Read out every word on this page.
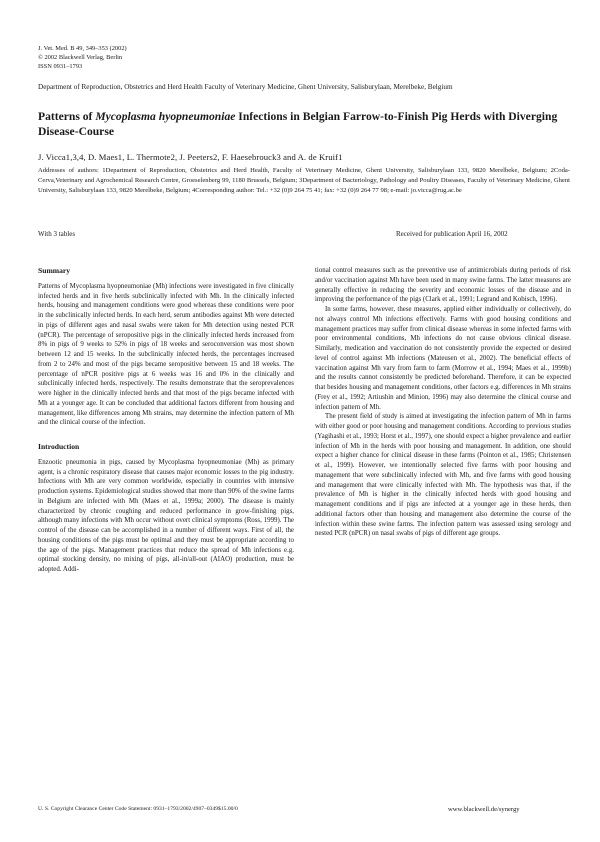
J. Vet. Med. B 49, 349–353 (2002)
© 2002 Blackwell Verlag, Berlin
ISSN 0931–1793
Department of Reproduction, Obstetrics and Herd Health Faculty of Veterinary Medicine, Ghent University, Salisburylaan, Merelbeke, Belgium
Patterns of Mycoplasma hyopneumoniae Infections in Belgian Farrow-to-Finish Pig Herds with Diverging Disease-Course
J. Vicca1,3,4, D. Maes1, L. Thermote2, J. Peeters2, F. Haesebrouck3 and A. de Kruif1
Addresses of authors: 1Department of Reproduction, Obstetrics and Herd Health, Faculty of Veterinary Medicine, Ghent University, Salisburylaan 133, 9820 Merelbeke, Belgium; 2Coda-Cerva,Veterinary and Agrochemical Research Centre, Groeselenberg 99, 1180 Brussels, Belgium; 3Department of Bacteriology, Pathology and Poultry Diseases, Faculty of Veterinary Medicine, Ghent University, Salisburylaan 133, 9820 Merelbeke, Belgium; 4Corresponding author: Tel.: +32 (0)9 264 75 41; fax: +32 (0)9 264 77 98; e-mail: jo.vicca@rug.ac.be
With 3 tables	Received for publication April 16, 2002
Summary

Patterns of Mycoplasma hyopneumoniae (Mh) infections were investigated in five clinically infected herds and in five herds subclinically infected with Mh. In the clinically infected herds, housing and management conditions were good whereas these conditions were poor in the subclinically infected herds. In each herd, serum antibodies against Mh were detected in pigs of different ages and nasal swabs were taken for Mh detection using nested PCR (nPCR). The percentage of seropositive pigs in the clinically infected herds increased from 8% in pigs of 9 weeks to 52% in pigs of 18 weeks and seroconversion was most shown between 12 and 15 weeks. In the subclinically infected herds, the percentages increased from 2 to 24% and most of the pigs became seropositive between 15 and 18 weeks. The percentage of nPCR positive pigs at 6 weeks was 16 and 0% in the clinically and subclinically infected herds, respectively. The results demonstrate that the seroprevalences were higher in the clinically infected herds and that most of the pigs became infected with Mh at a younger age. It can be concluded that additional factors different from housing and management, like differences among Mh strains, may determine the infection pattern of Mh and the clinical course of the infection.

Introduction

Enzootic pneumonia in pigs, caused by Mycoplasma hyopneumoniae (Mh) as primary agent, is a chronic respiratory disease that causes major economic losses to the pig industry. Infections with Mh are very common worldwide, especially in countries with intensive production systems. Epidemiological studies showed that more than 90% of the swine farms in Belgium are infected with Mh (Maes et al., 1999a; 2000). The disease is mainly characterized by chronic coughing and reduced performance in grow-finishing pigs, although many infections with Mh occur without overt clinical symptoms (Ross, 1999). The control of the disease can be accomplished in a number of different ways. First of all, the housing conditions of the pigs must be optimal and they must be appropriate according to the age of the pigs. Management practices that reduce the spread of Mh infections e.g. optimal stocking density, no mixing of pigs, all-in/all-out (AIAO) production, must be adopted. Addi-

tional control measures such as the preventive use of antimicrobials during periods of risk and/or vaccination against Mh have been used in many swine farms. The latter measures are generally effective in reducing the severity and economic losses of the disease and in improving the performance of the pigs (Clark et al., 1991; Legrand and Kobisch, 1996).

In some farms, however, these measures, applied either individually or collectively, do not always control Mh infections effectively. Farms with good housing conditions and management practices may suffer from clinical disease whereas in some infected farms with poor environmental conditions, Mh infections do not cause obvious clinical disease. Similarly, medication and vaccination do not consistently provide the expected or desired level of control against Mh infections (Mateusen et al., 2002). The beneficial effects of vaccination against Mh vary from farm to farm (Morrow et al., 1994; Maes et al., 1999b) and the results cannot consistently be predicted beforehand. Therefore, it can be expected that besides housing and management conditions, other factors e.g. differences in Mh strains (Frey et al., 1992; Artiushin and Minion, 1996) may also determine the clinical course and infection pattern of Mh.

The present field of study is aimed at investigating the infection pattern of Mh in farms with either good or poor housing and management conditions. According to previous studies (Yagihashi et al., 1993; Horst et al., 1997), one should expect a higher prevalence and earlier infection of Mh in the herds with poor housing and management. In addition, one should expect a higher chance for clinical disease in these farms (Pointon et al., 1985; Christensen et al., 1999). However, we intentionally selected five farms with poor housing and management that were subclinically infected with Mh, and five farms with good housing and management that were clinically infected with Mh. The hypothesis was that, if the prevalence of Mh is higher in the clinically infected herds with good housing and management conditions and if pigs are infected at a younger age in these herds, then additional factors other than housing and management also determine the course of the infection within these swine farms. The infection pattern was assessed using serology and nested PCR (nPCR) on nasal swabs of pigs of different age groups.

U. S. Copyright Clearance Center Code Statement: 0931–1793/2002/4907–0349$15.00/0	www.blackwell.de/synergy
